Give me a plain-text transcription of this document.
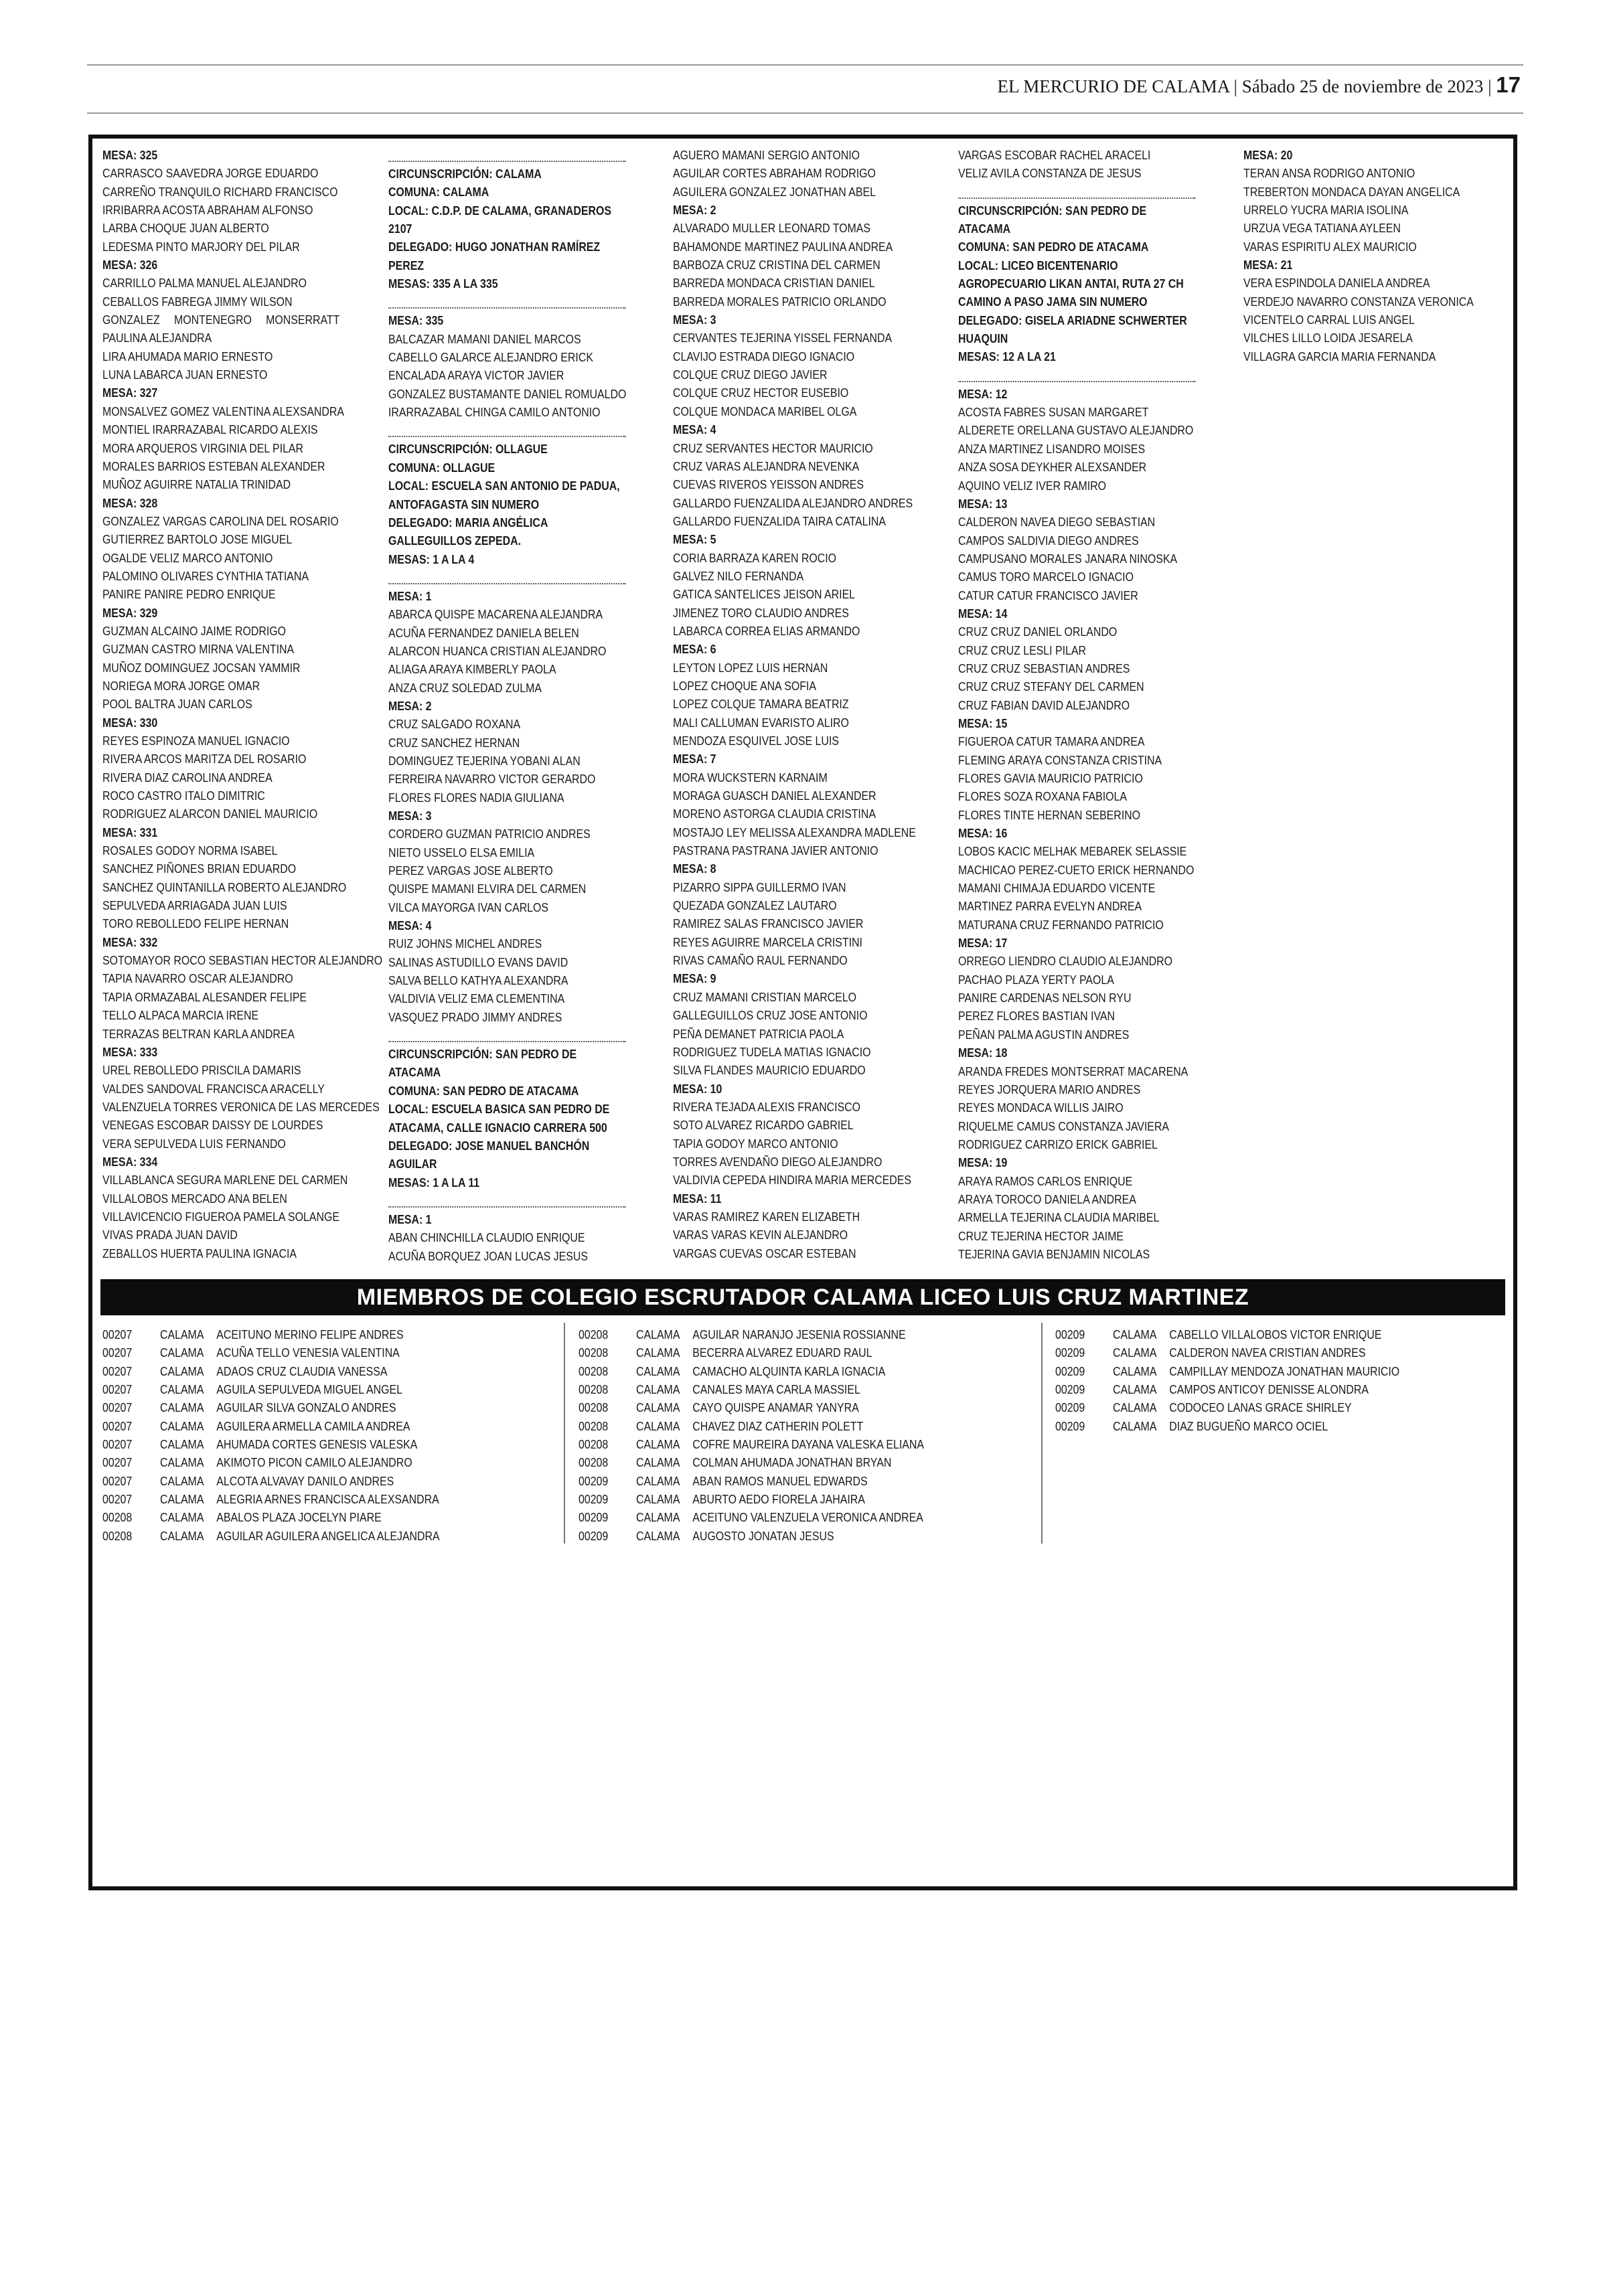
EL MERCURIO DE CALAMA | Sábado 25 de noviembre de 2023 | 17
MESA: 325
CARRASCO SAAVEDRA JORGE EDUARDO
CARREÑO TRANQUILO RICHARD FRANCISCO
IRRIBARRA ACOSTA ABRAHAM ALFONSO
LARBA CHOQUE JUAN ALBERTO
LEDESMA PINTO MARJORY DEL PILAR
MESA: 326
CARRILLO PALMA MANUEL ALEJANDRO
CEBALLOS FABREGA JIMMY WILSON
GONZALEZ MONTENEGRO MONSERRATT PAULINA ALEJANDRA
LIRA AHUMADA MARIO ERNESTO
LUNA LABARCA JUAN ERNESTO
MESA: 327
MONSALVEZ GOMEZ VALENTINA ALEXSANDRA
MONTIEL IRARRAZABAL RICARDO ALEXIS
MORA ARQUEROS VIRGINIA DEL PILAR
MORALES BARRIOS ESTEBAN ALEXANDER
MUÑOZ AGUIRRE NATALIA TRINIDAD
MESA: 328
GONZALEZ VARGAS CAROLINA DEL ROSARIO
GUTIERREZ BARTOLO JOSE MIGUEL
OGALDE VELIZ MARCO ANTONIO
PALOMINO OLIVARES CYNTHIA TATIANA
PANIRE PANIRE PEDRO ENRIQUE
MESA: 329
GUZMAN ALCAINO JAIME RODRIGO
GUZMAN CASTRO MIRNA VALENTINA
MUÑOZ DOMINGUEZ JOCSAN YAMMIR
NORIEGA MORA JORGE OMAR
POOL BALTRA JUAN CARLOS
MESA: 330
REYES ESPINOZA MANUEL IGNACIO
RIVERA ARCOS MARITZA DEL ROSARIO
RIVERA DIAZ CAROLINA ANDREA
ROCO CASTRO ITALO DIMITRIC
RODRIGUEZ ALARCON DANIEL MAURICIO
MESA: 331
ROSALES GODOY NORMA ISABEL
SANCHEZ PIÑONES BRIAN EDUARDO
SANCHEZ QUINTANILLA ROBERTO ALEJANDRO
SEPULVEDA ARRIAGADA JUAN LUIS
TORO REBOLLEDO FELIPE HERNAN
MESA: 332
SOTOMAYOR ROCO SEBASTIAN HECTOR ALEJANDRO
TAPIA NAVARRO OSCAR ALEJANDRO
TAPIA ORMAZABAL ALESANDER FELIPE
TELLO ALPACA MARCIA IRENE
TERRAZAS BELTRAN KARLA ANDREA
MESA: 333
UREL REBOLLEDO PRISCILA DAMARIS
VALDES SANDOVAL FRANCISCA ARACELLY
VALENZUELA TORRES VERONICA DE LAS MERCEDES
VENEGAS ESCOBAR DAISSY DE LOURDES
VERA SEPULVEDA LUIS FERNANDO
MESA: 334
VILLABLANCA SEGURA MARLENE DEL CARMEN
VILLALOBOS MERCADO ANA BELEN
VILLAVICENCIO FIGUEROA PAMELA SOLANGE
VIVAS PRADA JUAN DAVID
ZEBALLOS HUERTA PAULINA IGNACIA
CIRCUNSCRIPCIÓN: CALAMA
COMUNA: CALAMA
LOCAL: C.D.P. DE CALAMA, GRANADEROS 2107
DELEGADO: HUGO JONATHAN RAMÍREZ PEREZ
MESAS: 335 A LA 335
MESA: 335
BALCAZAR MAMANI DANIEL MARCOS
CABELLO GALARCE ALEJANDRO ERICK
ENCALADA ARAYA VICTOR JAVIER
GONZALEZ BUSTAMANTE DANIEL ROMUALDO
IRARRAZABAL CHINGA CAMILO ANTONIO
CIRCUNSCRIPCIÓN: OLLAGUE
COMUNA: OLLAGUE
LOCAL: ESCUELA SAN ANTONIO DE PADUA, ANTOFAGASTA SIN NUMERO
DELEGADO: MARIA ANGÉLICA GALLEGUILLOS ZEPEDA.
MESAS: 1 A LA 4
MESA: 1
ABARCA QUISPE MACARENA ALEJANDRA
ACUÑA FERNANDEZ DANIELA BELEN
ALARCON HUANCA CRISTIAN ALEJANDRO
ALIAGA ARAYA KIMBERLY PAOLA
ANZA CRUZ SOLEDAD ZULMA
MESA: 2
CRUZ SALGADO ROXANA
CRUZ SANCHEZ HERNAN
DOMINGUEZ TEJERINA YOBANI ALAN
FERREIRA NAVARRO VICTOR GERARDO
FLORES FLORES NADIA GIULIANA
MESA: 3
CORDERO GUZMAN PATRICIO ANDRES
NIETO USSELO ELSA EMILIA
PEREZ VARGAS JOSE ALBERTO
QUISPE MAMANI ELVIRA DEL CARMEN
VILCA MAYORGA IVAN CARLOS
MESA: 4
RUIZ JOHNS MICHEL ANDRES
SALINAS ASTUDILLO EVANS DAVID
SALVA BELLO KATHYA ALEXANDRA
VALDIVIA VELIZ EMA CLEMENTINA
VASQUEZ PRADO JIMMY ANDRES
CIRCUNSCRIPCIÓN: SAN PEDRO DE ATACAMA
COMUNA: SAN PEDRO DE ATACAMA
LOCAL: ESCUELA BASICA SAN PEDRO DE ATACAMA, CALLE IGNACIO CARRERA 500
DELEGADO: JOSE MANUEL BANCHÓN AGUILAR
MESAS: 1 A LA 11
MESA: 1
ABAN CHINCHILLA CLAUDIO ENRIQUE
ACUÑA BORQUEZ JOAN LUCAS JESUS
AGUERO MAMANI SERGIO ANTONIO
AGUILAR CORTES ABRAHAM RODRIGO
AGUILERA GONZALEZ JONATHAN ABEL
MESA: 2
ALVARADO MULLER LEONARD TOMAS
BAHAMONDE MARTINEZ PAULINA ANDREA
BARBOZA CRUZ CRISTINA DEL CARMEN
BARREDA MONDACA CRISTIAN DANIEL
BARREDA MORALES PATRICIO ORLANDO
MESA: 3
CERVANTES TEJERINA YISSEL FERNANDA
CLAVIJO ESTRADA DIEGO IGNACIO
COLQUE CRUZ DIEGO JAVIER
COLQUE CRUZ HECTOR EUSEBIO
COLQUE MONDACA MARIBEL OLGA
MESA: 4
CRUZ SERVANTES HECTOR MAURICIO
CRUZ VARAS ALEJANDRA NEVENKA
CUEVAS RIVEROS YEISSON ANDRES
GALLARDO FUENZALIDA ALEJANDRO ANDRES
GALLARDO FUENZALIDA TAIRA CATALINA
MESA: 5
CORIA BARRAZA KAREN ROCIO
GALVEZ NILO FERNANDA
GATICA SANTELICES JEISON ARIEL
JIMENEZ TORO CLAUDIO ANDRES
LABARCA CORREA ELIAS ARMANDO
MESA: 6
LEYTON LOPEZ LUIS HERNAN
LOPEZ CHOQUE ANA SOFIA
LOPEZ COLQUE TAMARA BEATRIZ
MALI CALLUMAN EVARISTO ALIRO
MENDOZA ESQUIVEL JOSE LUIS
MESA: 7
MORA WUCKSTERN KARNAIM
MORAGA GUASCH DANIEL ALEXANDER
MORENO ASTORGA CLAUDIA CRISTINA
MOSTAJO LEY MELISSA ALEXANDRA MADLENE
PASTRANA PASTRANA JAVIER ANTONIO
MESA: 8
PIZARRO SIPPA GUILLERMO IVAN
QUEZADA GONZALEZ LAUTARO
RAMIREZ SALAS FRANCISCO JAVIER
REYES AGUIRRE MARCELA CRISTINI
RIVAS CAMAÑO RAUL FERNANDO
MESA: 9
CRUZ MAMANI CRISTIAN MARCELO
GALLEGUILLOS CRUZ JOSE ANTONIO
PEÑA DEMANET PATRICIA PAOLA
RODRIGUEZ TUDELA MATIAS IGNACIO
SILVA FLANDES MAURICIO EDUARDO
MESA: 10
RIVERA TEJADA ALEXIS FRANCISCO
SOTO ALVAREZ RICARDO GABRIEL
TAPIA GODOY MARCO ANTONIO
TORRES AVENDAÑO DIEGO ALEJANDRO
VALDIVIA CEPEDA HINDIRA MARIA MERCEDES
MESA: 11
VARAS RAMIREZ KAREN ELIZABETH
VARAS VARAS KEVIN ALEJANDRO
VARGAS CUEVAS OSCAR ESTEBAN
VARGAS ESCOBAR RACHEL ARACELI
VELIZ AVILA CONSTANZA DE JESUS
CIRCUNSCRIPCIÓN: SAN PEDRO DE ATACAMA
COMUNA: SAN PEDRO DE ATACAMA
LOCAL: LICEO BICENTENARIO AGROPECUARIO LIKAN ANTAI, RUTA 27 CH CAMINO A PASO JAMA SIN NUMERO
DELEGADO: GISELA ARIADNE SCHWERTER HUAQUIN
MESAS: 12 A LA 21
MESA: 12
ACOSTA FABRES SUSAN MARGARET
ALDERETE ORELLANA GUSTAVO ALEJANDRO
ANZA MARTINEZ LISANDRO MOISES
ANZA SOSA DEYKHER ALEXSANDER
AQUINO VELIZ IVER RAMIRO
MESA: 13
CALDERON NAVEA DIEGO SEBASTIAN
CAMPOS SALDIVIA DIEGO ANDRES
CAMPUSANO MORALES JANARA NINOSKA
CAMUS TORO MARCELO IGNACIO
CATUR CATUR FRANCISCO JAVIER
MESA: 14
CRUZ CRUZ DANIEL ORLANDO
CRUZ CRUZ LESLI PILAR
CRUZ CRUZ SEBASTIAN ANDRES
CRUZ CRUZ STEFANY DEL CARMEN
CRUZ FABIAN DAVID ALEJANDRO
MESA: 15
FIGUEROA CATUR TAMARA ANDREA
FLEMING ARAYA CONSTANZA CRISTINA
FLORES GAVIA MAURICIO PATRICIO
FLORES SOZA ROXANA FABIOLA
FLORES TINTE HERNAN SEBERINO
MESA: 16
LOBOS KACIC MELHAK MEBAREK SELASSIE
MACHICAO PEREZ-CUETO ERICK HERNANDO
MAMANI CHIMAJA EDUARDO VICENTE
MARTINEZ PARRA EVELYN ANDREA
MATURANA CRUZ FERNANDO PATRICIO
MESA: 17
ORREGO LIENDRO CLAUDIO ALEJANDRO
PACHAO PLAZA YERTY PAOLA
PANIRE CARDENAS NELSON RYU
PEREZ FLORES BASTIAN IVAN
PEÑAN PALMA AGUSTIN ANDRES
MESA: 18
ARANDA FREDES MONTSERRAT MACARENA
REYES JORQUERA MARIO ANDRES
REYES MONDACA WILLIS JAIRO
RIQUELME CAMUS CONSTANZA JAVIERA
RODRIGUEZ CARRIZO ERICK GABRIEL
MESA: 19
ARAYA RAMOS CARLOS ENRIQUE
ARAYA TOROCO DANIELA ANDREA
ARMELLA TEJERINA CLAUDIA MARIBEL
CRUZ TEJERINA HECTOR JAIME
TEJERINA GAVIA BENJAMIN NICOLAS
MESA: 20
TERAN ANSA RODRIGO ANTONIO
TREBERTON MONDACA DAYAN ANGELICA
URRELO YUCRA MARIA ISOLINA
URZUA VEGA TATIANA AYLEEN
VARAS ESPIRITU ALEX MAURICIO
MESA: 21
VERA ESPINDOLA DANIELA ANDREA
VERDEJO NAVARRO CONSTANZA VERONICA
VICENTELO CARRAL LUIS ANGEL
VILCHES LILLO LOIDA JESARELA
VILLAGRA GARCIA MARIA FERNANDA
MIEMBROS DE COLEGIO ESCRUTADOR CALAMA LICEO LUIS CRUZ MARTINEZ
00207	CALAMA	ACEITUNO MERINO FELIPE ANDRES
00207	CALAMA	ACUÑA TELLO VENESIA VALENTINA
00207	CALAMA	ADAOS CRUZ CLAUDIA VANESSA
00207	CALAMA	AGUILA SEPULVEDA MIGUEL ANGEL
00207	CALAMA	AGUILAR SILVA GONZALO ANDRES
00207	CALAMA	AGUILERA ARMELLA CAMILA ANDREA
00207	CALAMA	AHUMADA CORTES GENESIS VALESKA
00207	CALAMA	AKIMOTO PICON CAMILO ALEJANDRO
00207	CALAMA	ALCOTA ALVAVAY DANILO ANDRES
00207	CALAMA	ALEGRIA ARNES FRANCISCA ALEXSANDRA
00208	CALAMA	ABALOS PLAZA JOCELYN PIARE
00208	CALAMA	AGUILAR AGUILERA ANGELICA ALEJANDRA
00208	CALAMA	AGUILAR NARANJO JESENIA ROSSIANNE
00208	CALAMA	BECERRA ALVAREZ EDUARD RAUL
00208	CALAMA	CAMACHO ALQUINTA KARLA IGNACIA
00208	CALAMA	CANALES MAYA CARLA MASSIEL
00208	CALAMA	CAYO QUISPE ANAMAR YANYRA
00208	CALAMA	CHAVEZ DIAZ CATHERIN POLETT
00208	CALAMA	COFRE MAUREIRA DAYANA VALESKA ELIANA
00208	CALAMA	COLMAN AHUMADA JONATHAN BRYAN
00209	CALAMA	ABAN RAMOS MANUEL EDWARDS
00209	CALAMA	ABURTO AEDO FIORELA JAHAIRA
00209	CALAMA	ACEITUNO VALENZUELA VERONICA ANDREA
00209	CALAMA	AUGOSTO JONATAN JESUS
00209	CALAMA	CABELLO VILLALOBOS VICTOR ENRIQUE
00209	CALAMA	CALDERON NAVEA CRISTIAN ANDRES
00209	CALAMA	CAMPILLAY MENDOZA JONATHAN MAURICIO
00209	CALAMA	CAMPOS ANTICOY DENISSE ALONDRA
00209	CALAMA	CODOCEO LANAS GRACE SHIRLEY
00209	CALAMA	DIAZ BUGUEÑO MARCO OCIEL
